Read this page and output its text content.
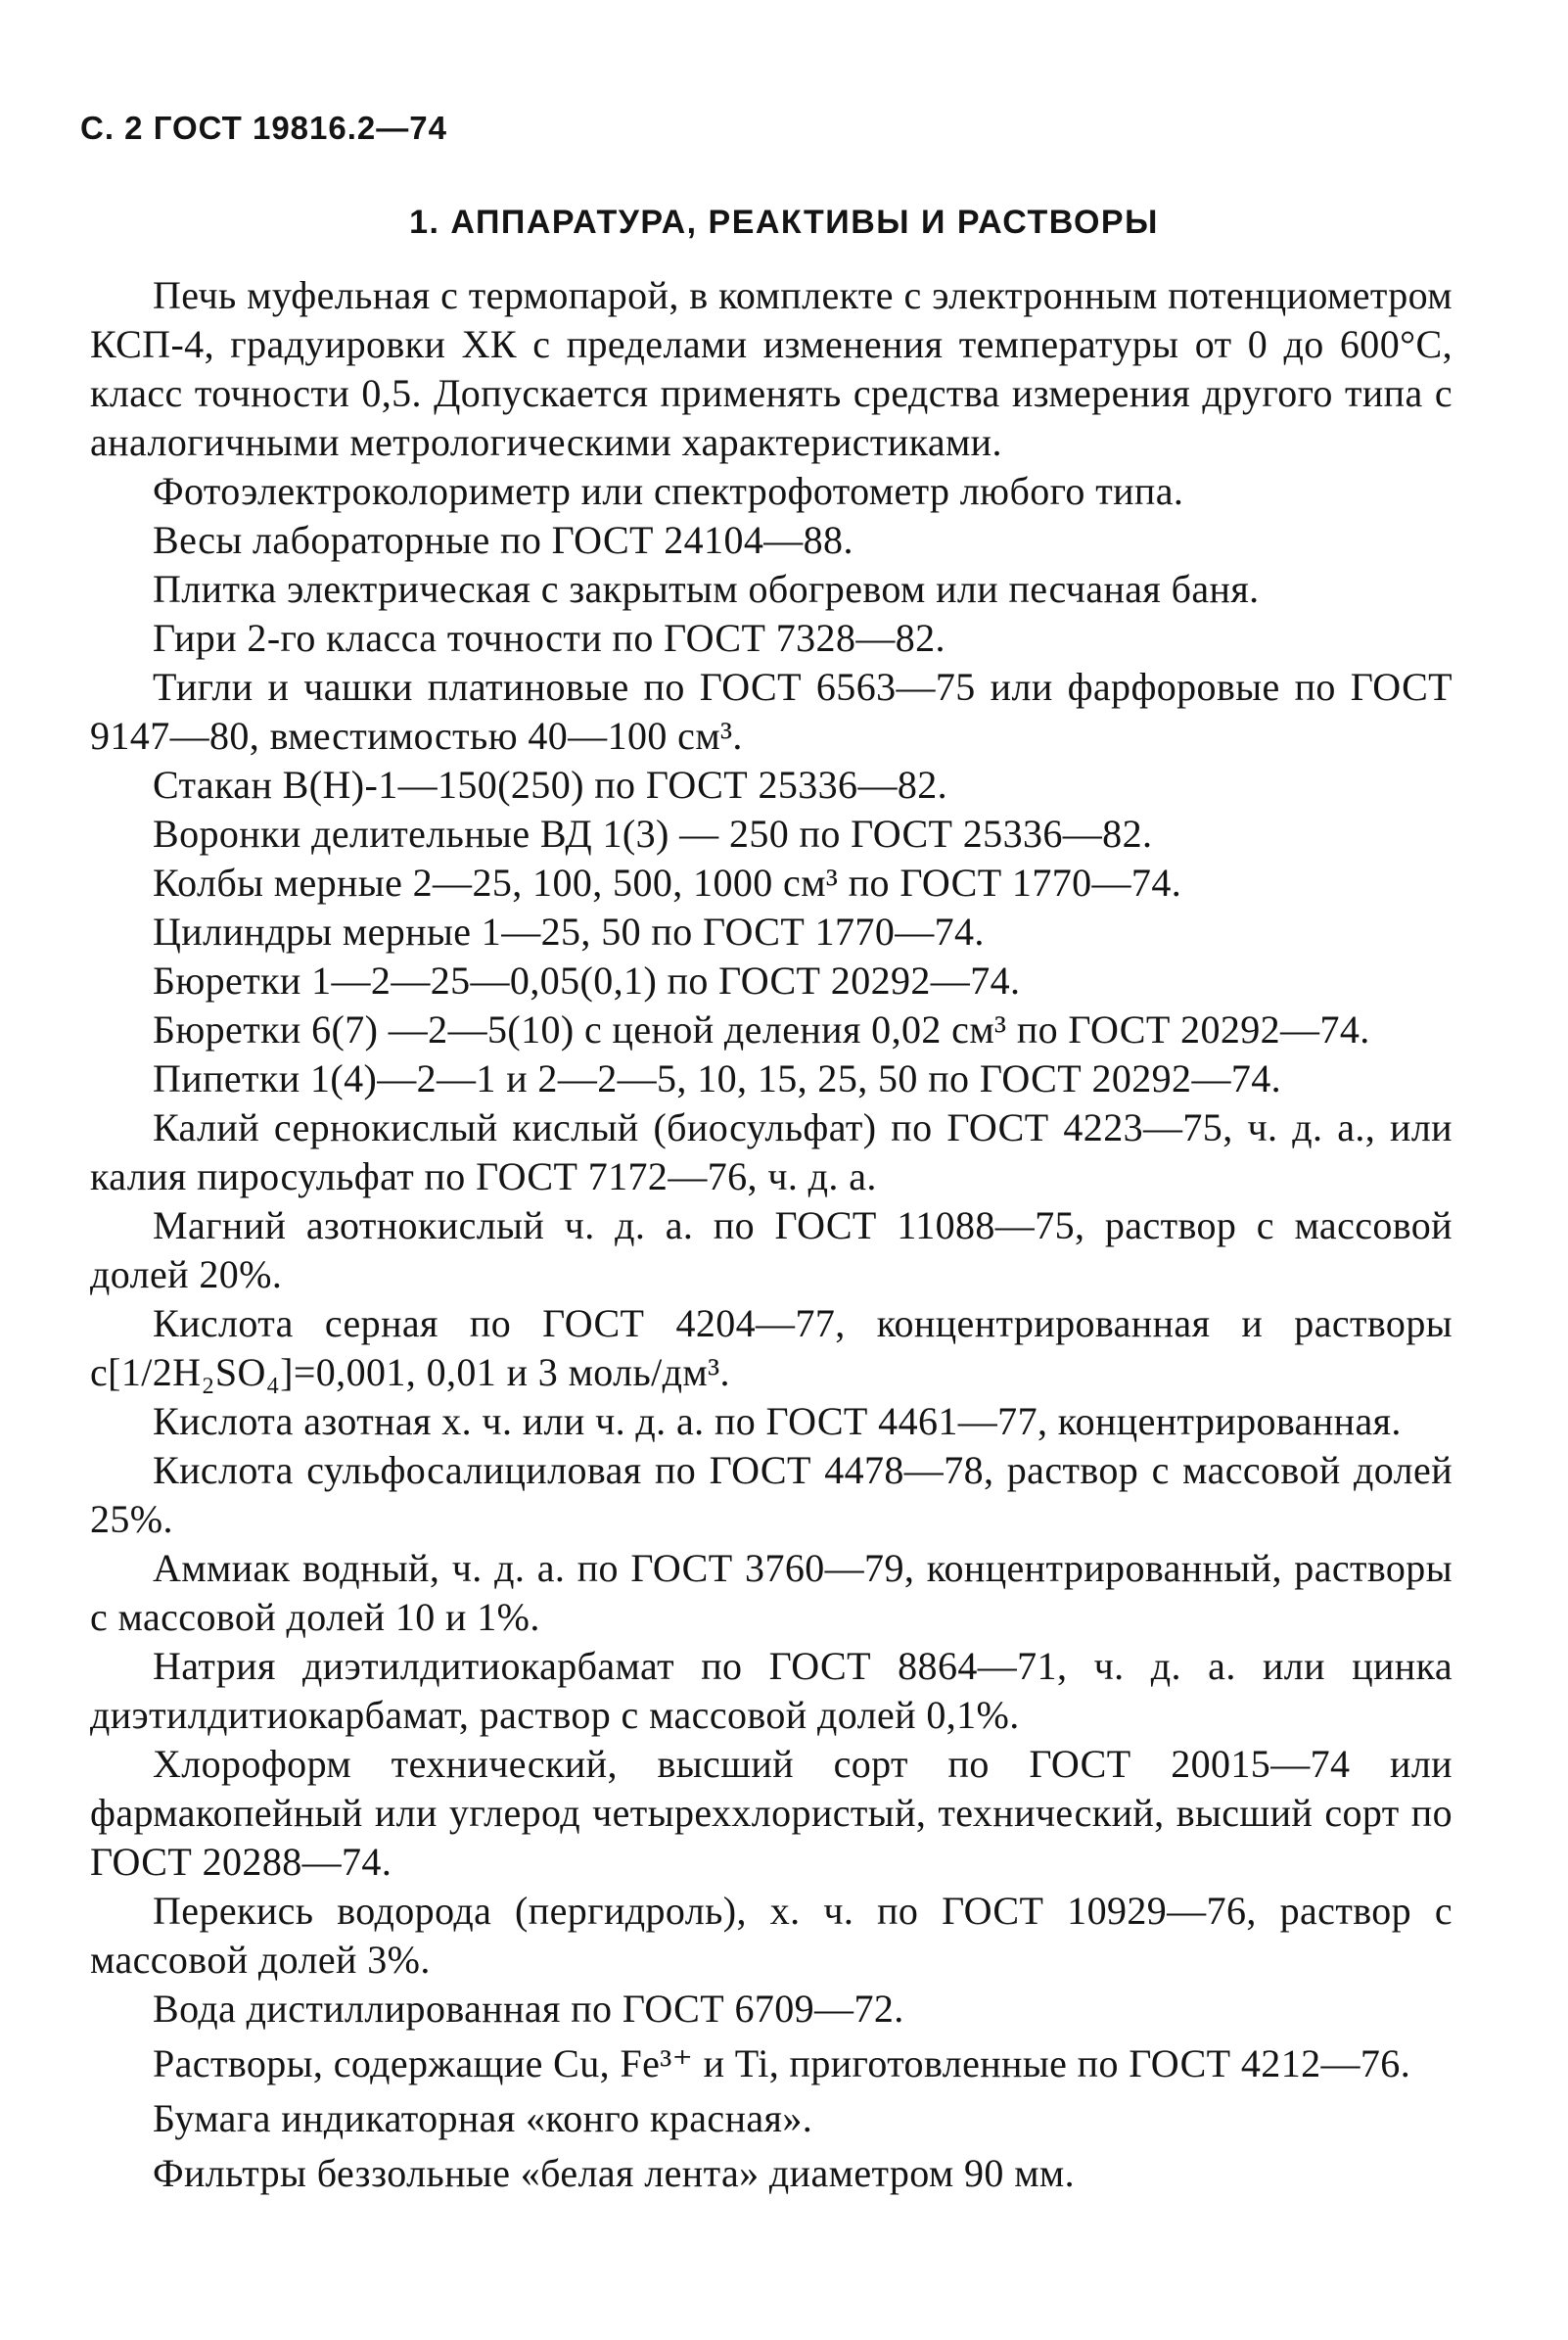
С. 2 ГОСТ 19816.2—74
1. АППАРАТУРА, РЕАКТИВЫ И РАСТВОРЫ

Печь муфельная с термопарой, в комплекте с электронным потенциометром КСП-4, градуировки ХК с пределами изменения температуры от 0 до 600°С, класс точности 0,5. Допускается применять средства измерения другого типа с аналогичными метрологическими характеристиками.

Фотоэлектроколориметр или спектрофотометр любого типа.

Весы лабораторные по ГОСТ 24104—88.

Плитка электрическая с закрытым обогревом или песчаная баня.

Гири 2-го класса точности по ГОСТ 7328—82.

Тигли и чашки платиновые по ГОСТ 6563—75 или фарфоровые по ГОСТ 9147—80, вместимостью 40—100 см³.

Стакан В(Н)-1—150(250) по ГОСТ 25336—82.

Воронки делительные ВД 1(3) — 250 по ГОСТ 25336—82.

Колбы мерные 2—25, 100, 500, 1000 см³ по ГОСТ 1770—74.

Цилиндры мерные 1—25, 50 по ГОСТ 1770—74.

Бюретки 1—2—25—0,05(0,1) по ГОСТ 20292—74.

Бюретки 6(7) —2—5(10) с ценой деления 0,02 см³ по ГОСТ 20292—74.

Пипетки 1(4)—2—1 и 2—2—5, 10, 15, 25, 50 по ГОСТ 20292—74.

Калий сернокислый кислый (биосульфат) по ГОСТ 4223—75, ч. д. а., или калия пиросульфат по ГОСТ 7172—76, ч. д. а.

Магний азотнокислый ч. д. а. по ГОСТ 11088—75, раствор с массовой долей 20%.

Кислота серная по ГОСТ 4204—77, концентрированная и растворы c[1/2H₂SO₄]=0,001, 0,01 и 3 моль/дм³.

Кислота азотная х. ч. или ч. д. а. по ГОСТ 4461—77, концентрированная.

Кислота сульфосалициловая по ГОСТ 4478—78, раствор с массовой долей 25%.

Аммиак водный, ч. д. а. по ГОСТ 3760—79, концентрированный, растворы с массовой долей 10 и 1%.

Натрия диэтилдитиокарбамат по ГОСТ 8864—71, ч. д. а. или цинка диэтилдитиокарбамат, раствор с массовой долей 0,1%.

Хлороформ технический, высший сорт по ГОСТ 20015—74 или фармакопейный или углерод четыреххлористый, технический, высший сорт по ГОСТ 20288—74.

Перекись водорода (пергидроль), х. ч. по ГОСТ 10929—76, раствор с массовой долей 3%.

Вода дистиллированная по ГОСТ 6709—72.

Растворы, содержащие Cu, Fe³⁺ и Ti, приготовленные по ГОСТ 4212—76.

Бумага индикаторная «конго красная».

Фильтры беззольные «белая лента» диаметром 90 мм.
